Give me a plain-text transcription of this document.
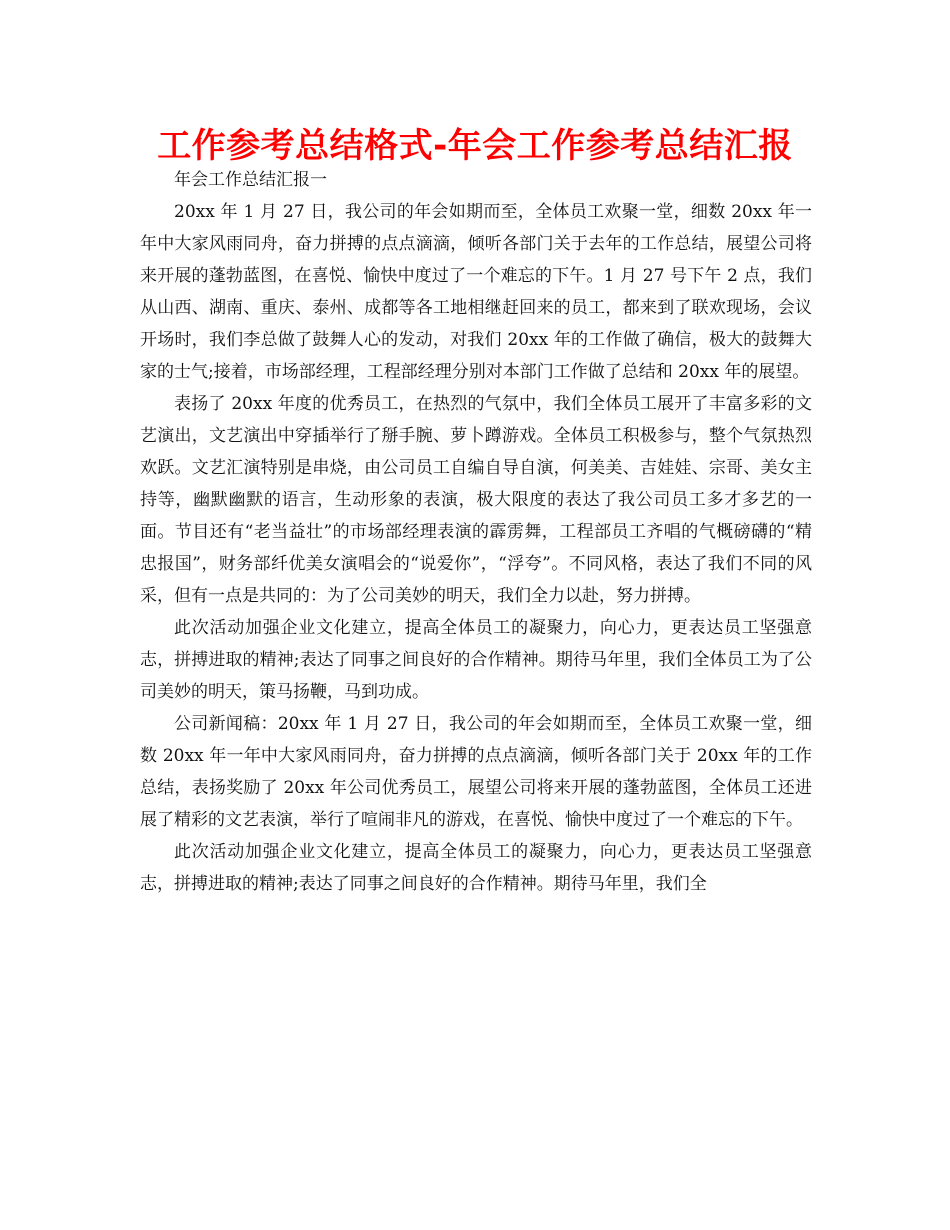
工作参考总结格式-年会工作参考总结汇报

年会工作总结汇报一

20xx 年 1 月 27 日，我公司的年会如期而至，全体员工欢聚一堂，细数 20xx 年一年中大家风雨同舟，奋力拼搏的点点滴滴，倾听各部门关于去年的工作总结，展望公司将来开展的蓬勃蓝图，在喜悦、愉快中度过了一个难忘的下午。1 月 27 号下午 2 点，我们从山西、湖南、重庆、泰州、成都等各工地相继赶回来的员工，都来到了联欢现场，会议开场时，我们李总做了鼓舞人心的发动，对我们 20xx 年的工作做了确信，极大的鼓舞大家的士气;接着，市场部经理，工程部经理分别对本部门工作做了总结和 20xx 年的展望。

表扬了 20xx 年度的优秀员工，在热烈的气氛中，我们全体员工展开了丰富多彩的文艺演出，文艺演出中穿插举行了掰手腕、萝卜蹲游戏。全体员工积极参与，整个气氛热烈欢跃。文艺汇演特别是串烧，由公司员工自编自导自演，何美美、吉娃娃、宗哥、美女主持等，幽默幽默的语言，生动形象的表演，极大限度的表达了我公司员工多才多艺的一面。节目还有“老当益壮”的市场部经理表演的霹雳舞，工程部员工齐唱的气概磅礴的“精忠报国”，财务部纤优美女演唱会的“说爱你”，“浮夸”。不同风格，表达了我们不同的风采，但有一点是共同的：为了公司美妙的明天，我们全力以赴，努力拼搏。

此次活动加强企业文化建立，提高全体员工的凝聚力，向心力，更表达员工坚强意志，拼搏进取的精神;表达了同事之间良好的合作精神。期待马年里，我们全体员工为了公司美妙的明天，策马扬鞭，马到功成。

公司新闻稿：20xx 年 1 月 27 日，我公司的年会如期而至，全体员工欢聚一堂，细数 20xx 年一年中大家风雨同舟，奋力拼搏的点点滴滴，倾听各部门关于 20xx 年的工作总结，表扬奖励了 20xx 年公司优秀员工，展望公司将来开展的蓬勃蓝图，全体员工还进展了精彩的文艺表演，举行了喧闹非凡的游戏，在喜悦、愉快中度过了一个难忘的下午。

此次活动加强企业文化建立，提高全体员工的凝聚力，向心力，更表达员工坚强意志，拼搏进取的精神;表达了同事之间良好的合作精神。期待马年里，我们全
